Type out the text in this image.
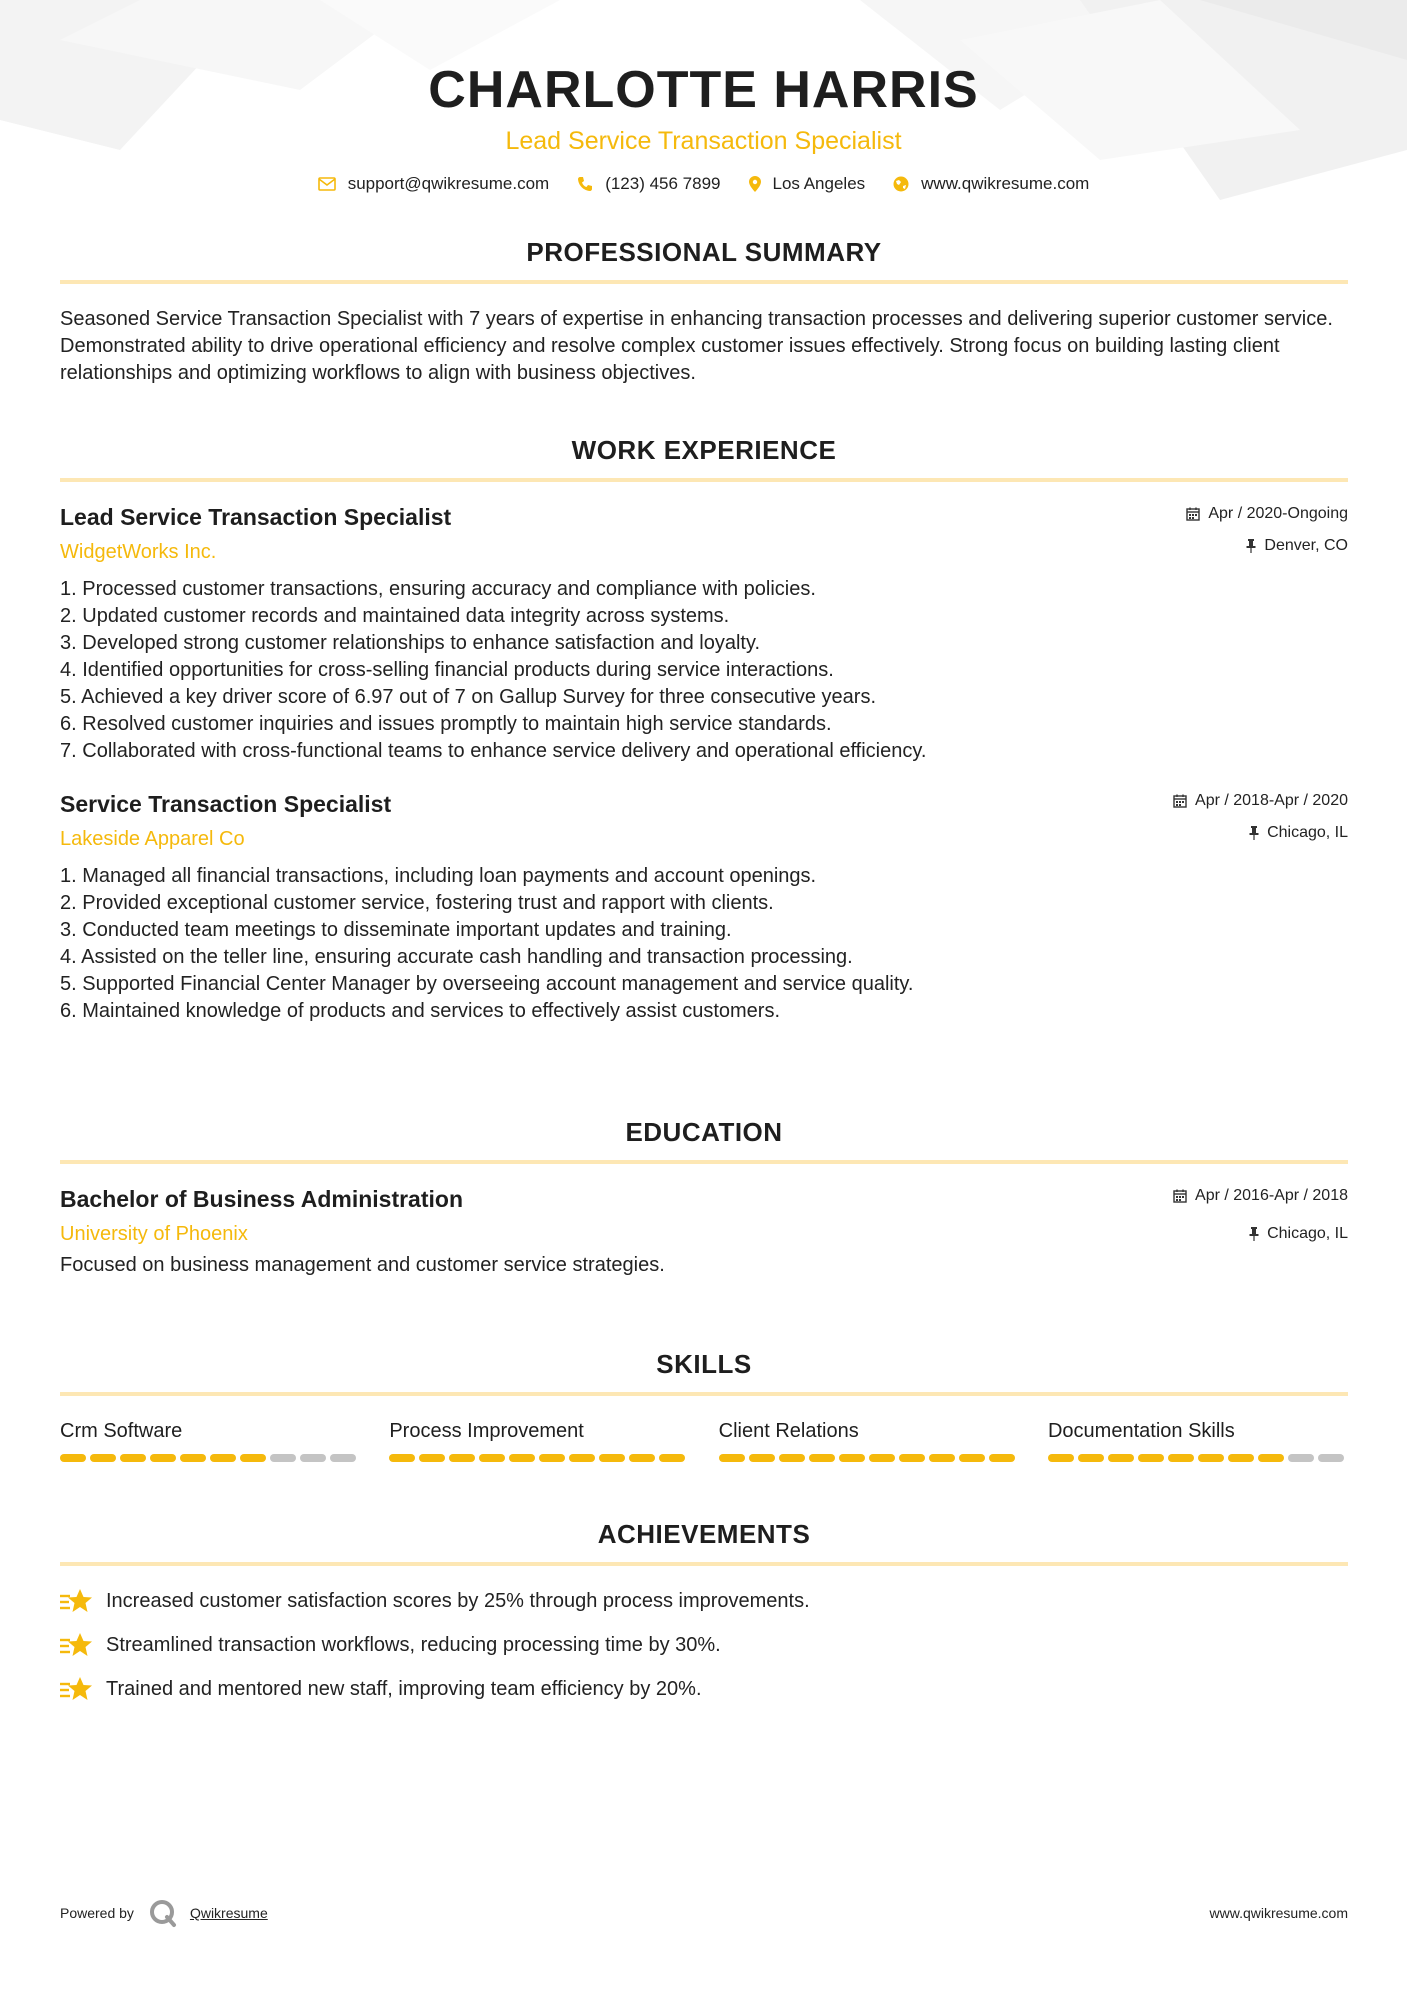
CHARLOTTE HARRIS
Lead Service Transaction Specialist
support@qwikresume.com	(123) 456 7899	Los Angeles	www.qwikresume.com
PROFESSIONAL SUMMARY
Seasoned Service Transaction Specialist with 7 years of expertise in enhancing transaction processes and delivering superior customer service. Demonstrated ability to drive operational efficiency and resolve complex customer issues effectively. Strong focus on building lasting client relationships and optimizing workflows to align with business objectives.
WORK EXPERIENCE
Lead Service Transaction Specialist
WidgetWorks Inc.
Apr / 2020-Ongoing
Denver, CO
Processed customer transactions, ensuring accuracy and compliance with policies.
Updated customer records and maintained data integrity across systems.
Developed strong customer relationships to enhance satisfaction and loyalty.
Identified opportunities for cross-selling financial products during service interactions.
Achieved a key driver score of 6.97 out of 7 on Gallup Survey for three consecutive years.
Resolved customer inquiries and issues promptly to maintain high service standards.
Collaborated with cross-functional teams to enhance service delivery and operational efficiency.
Service Transaction Specialist
Lakeside Apparel Co
Apr / 2018-Apr / 2020
Chicago, IL
Managed all financial transactions, including loan payments and account openings.
Provided exceptional customer service, fostering trust and rapport with clients.
Conducted team meetings to disseminate important updates and training.
Assisted on the teller line, ensuring accurate cash handling and transaction processing.
Supported Financial Center Manager by overseeing account management and service quality.
Maintained knowledge of products and services to effectively assist customers.
EDUCATION
Bachelor of Business Administration
University of Phoenix
Apr / 2016-Apr / 2018
Chicago, IL
Focused on business management and customer service strategies.
SKILLS
Crm Software	Process Improvement	Client Relations	Documentation Skills
ACHIEVEMENTS
Increased customer satisfaction scores by 25% through process improvements.
Streamlined transaction workflows, reducing processing time by 30%.
Trained and mentored new staff, improving team efficiency by 20%.
Powered by	Qwikresume	www.qwikresume.com
